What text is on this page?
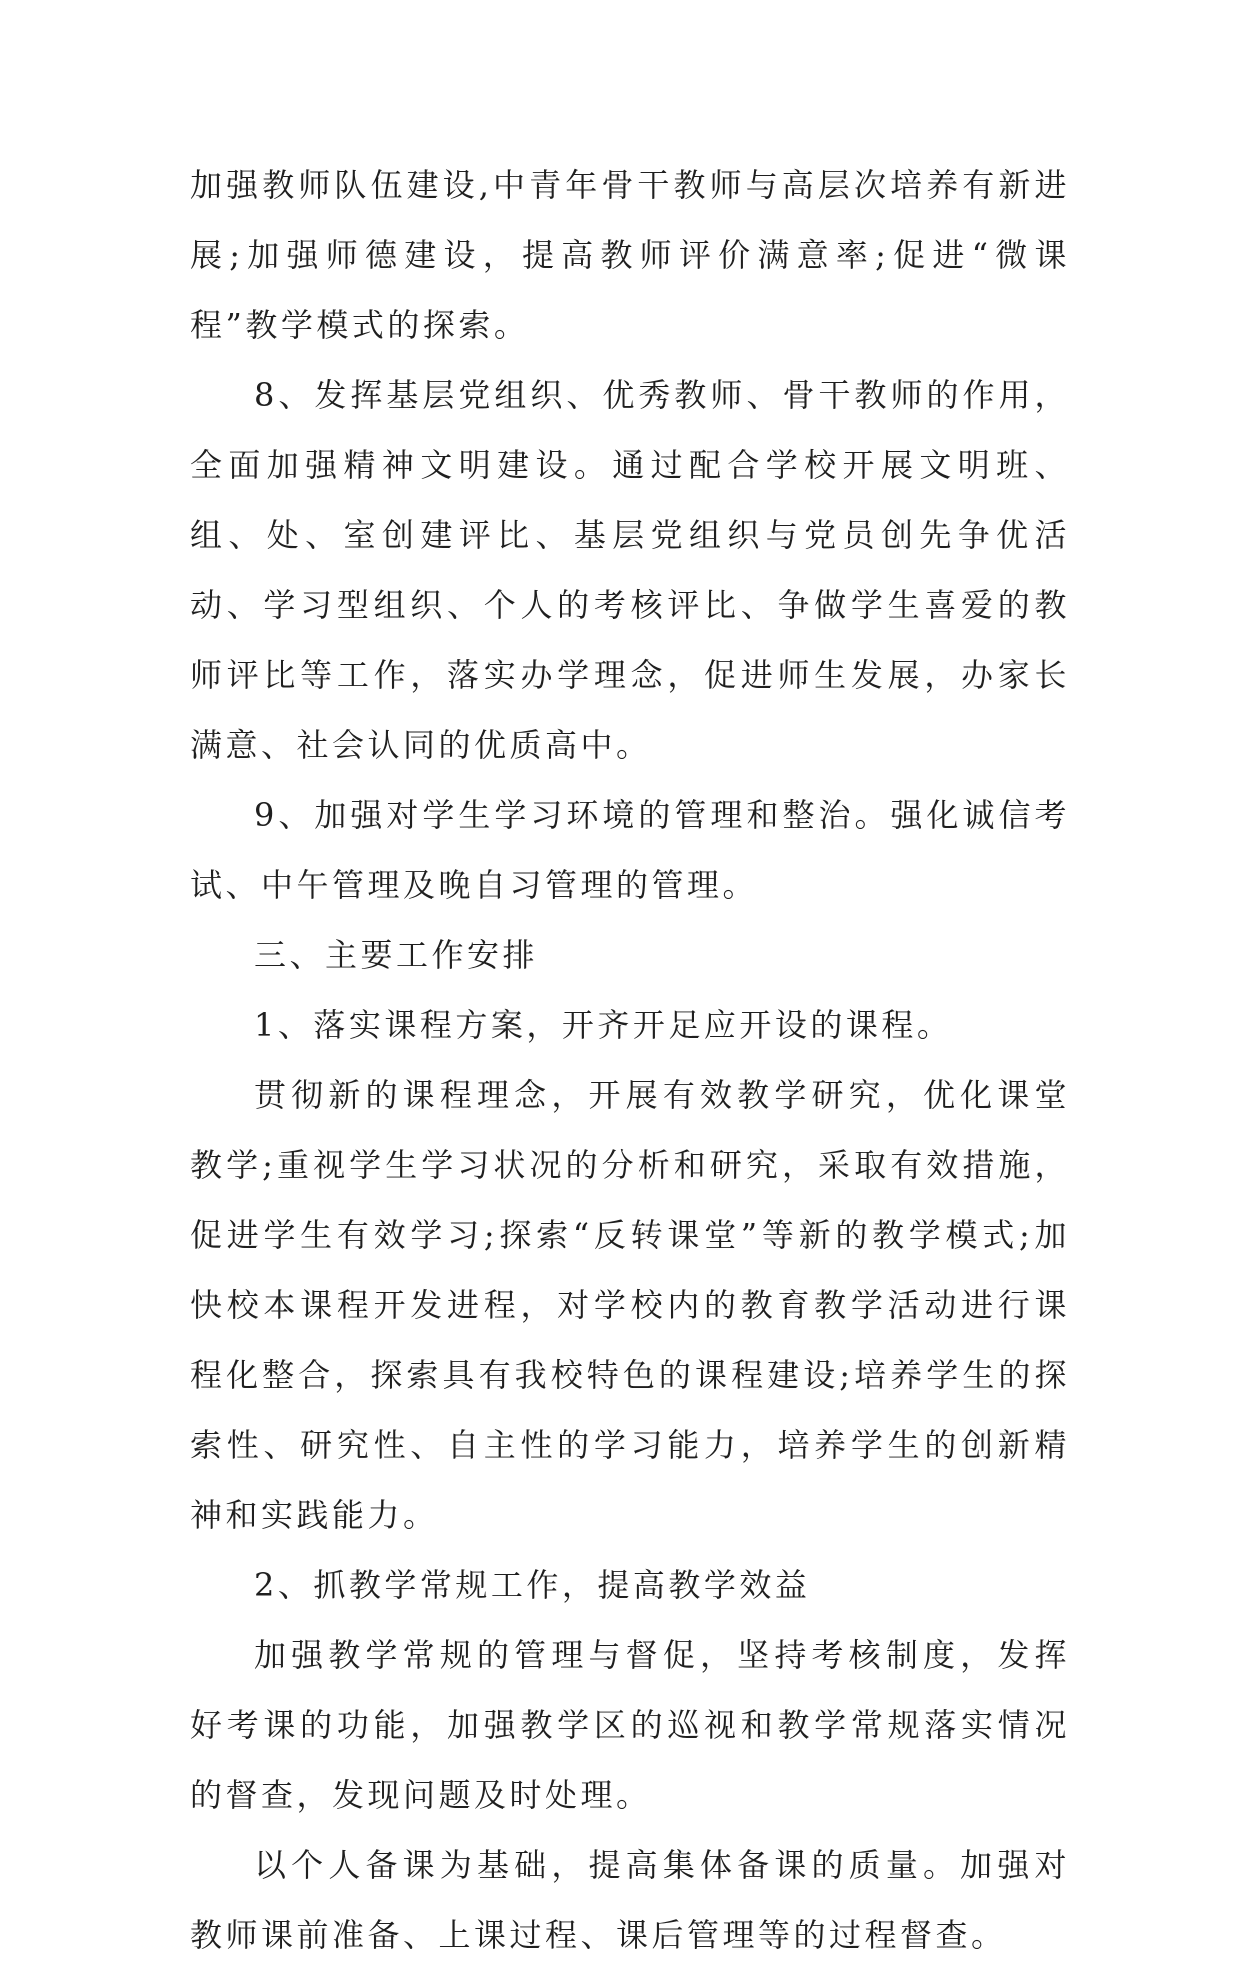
加强教师队伍建设,中青年骨干教师与高层次培养有新进展;加强师德建设，提高教师评价满意率;促进“微课程”教学模式的探索。

8、发挥基层党组织、优秀教师、骨干教师的作用，全面加强精神文明建设。通过配合学校开展文明班、组、处、室创建评比、基层党组织与党员创先争优活动、学习型组织、个人的考核评比、争做学生喜爱的教师评比等工作，落实办学理念，促进师生发展，办家长满意、社会认同的优质高中。

9、加强对学生学习环境的管理和整治。强化诚信考试、中午管理及晚自习管理的管理。

三、主要工作安排

1、落实课程方案，开齐开足应开设的课程。

贯彻新的课程理念，开展有效教学研究，优化课堂教学;重视学生学习状况的分析和研究，采取有效措施，促进学生有效学习;探索“反转课堂”等新的教学模式;加快校本课程开发进程，对学校内的教育教学活动进行课程化整合，探索具有我校特色的课程建设;培养学生的探索性、研究性、自主性的学习能力，培养学生的创新精神和实践能力。

2、抓教学常规工作，提高教学效益

加强教学常规的管理与督促，坚持考核制度，发挥好考课的功能，加强教学区的巡视和教学常规落实情况的督查，发现问题及时处理。

以个人备课为基础，提高集体备课的质量。加强对教师课前准备、上课过程、课后管理等的过程督查。
